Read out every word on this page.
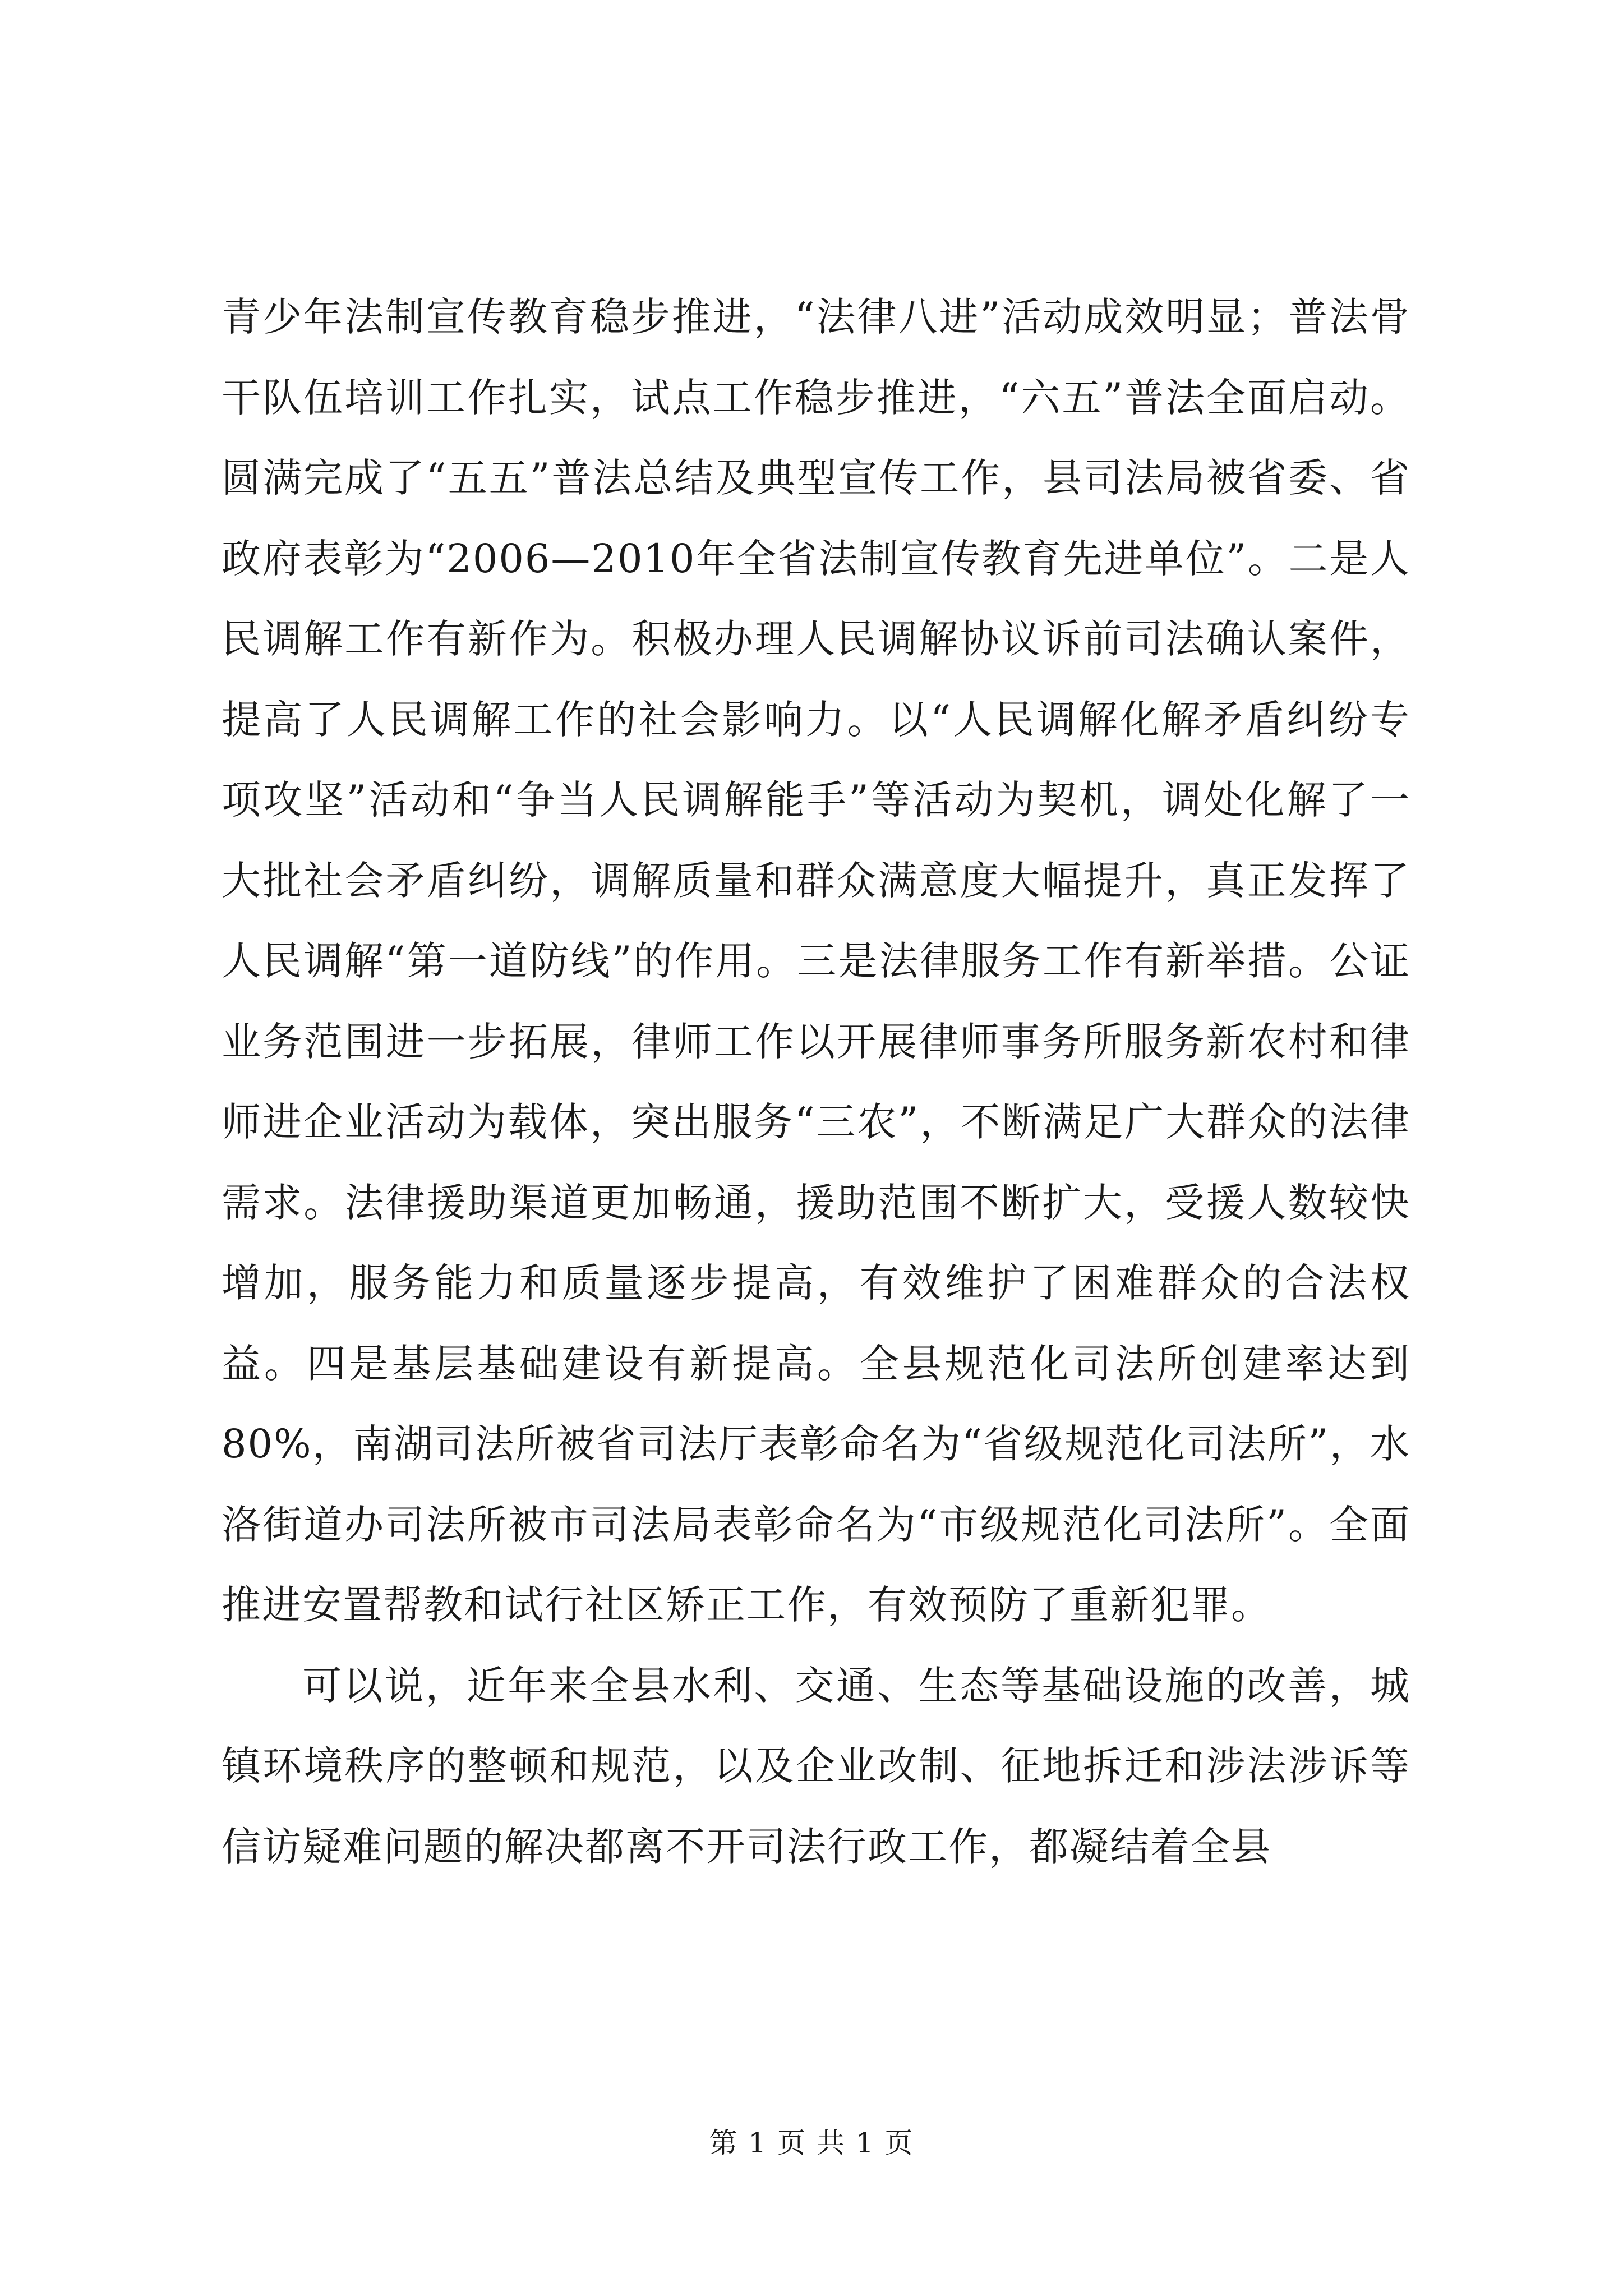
青少年法制宣传教育稳步推进，“法律八进”活动成效明显；普法骨干队伍培训工作扎实，试点工作稳步推进，“六五”普法全面启动。圆满完成了“五五”普法总结及典型宣传工作，县司法局被省委、省政府表彰为“2006—2010年全省法制宣传教育先进单位”。二是人民调解工作有新作为。积极办理人民调解协议诉前司法确认案件，提高了人民调解工作的社会影响力。以“人民调解化解矛盾纠纷专项攻坚”活动和“争当人民调解能手”等活动为契机，调处化解了一大批社会矛盾纠纷，调解质量和群众满意度大幅提升，真正发挥了人民调解“第一道防线”的作用。三是法律服务工作有新举措。公证业务范围进一步拓展，律师工作以开展律师事务所服务新农村和律师进企业活动为载体，突出服务“三农”，不断满足广大群众的法律需求。法律援助渠道更加畅通，援助范围不断扩大，受援人数较快增加，服务能力和质量逐步提高，有效维护了困难群众的合法权益。四是基层基础建设有新提高。全县规范化司法所创建率达到80%，南湖司法所被省司法厅表彰命名为“省级规范化司法所”，水洛街道办司法所被市司法局表彰命名为“市级规范化司法所”。全面推进安置帮教和试行社区矫正工作，有效预防了重新犯罪。

可以说，近年来全县水利、交通、生态等基础设施的改善，城镇环境秩序的整顿和规范，以及企业改制、征地拆迁和涉法涉诉等信访疑难问题的解决都离不开司法行政工作，都凝结着全县

第 1 页 共 1 页
